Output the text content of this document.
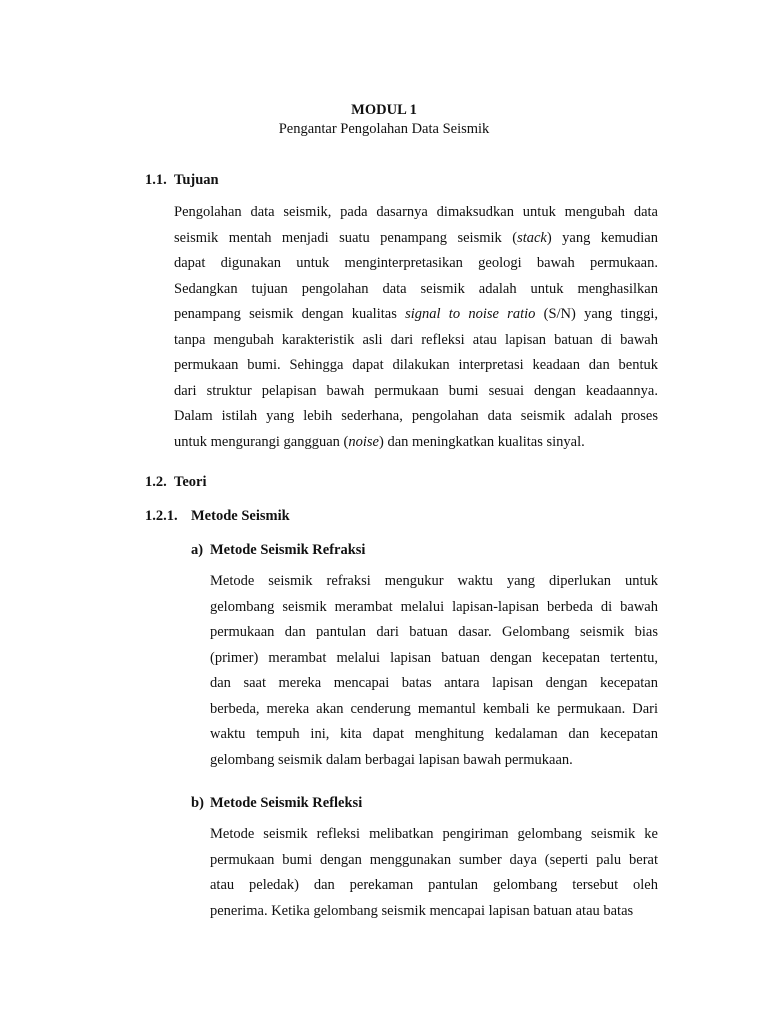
MODUL 1

Pengantar Pengolahan Data Seismik

1.1. Tujuan

Pengolahan data seismik, pada dasarnya dimaksudkan untuk mengubah data
seismik mentah menjadi suatu penampang seismik (stack) yang kemudian
dapat digunakan untuk menginterpretasikan geologi bawah permukaan.
Sedangkan tujuan pengolahan data seismik adalah untuk menghasilkan
penampang seismik dengan kualitas signal to noise ratio (S/N) yang tinggi,
tanpa mengubah karakteristik asli dari refleksi atau lapisan batuan di bawah
permukaan bumi. Sehingga dapat dilakukan interpretasi keadaan dan bentuk
dari struktur pelapisan bawah permukaan bumi sesuai dengan keadaannya.
Dalam istilah yang lebih sederhana, pengolahan data seismik adalah proses
untuk mengurangi gangguan (noise) dan meningkatkan kualitas sinyal.

1.2. Teori

1.2.1. Metode Seismik

a) Metode Seismik Refraksi

Metode seismik refraksi mengukur waktu yang diperlukan untuk
gelombang seismik merambat melalui lapisan-lapisan berbeda di bawah
permukaan dan pantulan dari batuan dasar. Gelombang seismik bias
(primer) merambat melalui lapisan batuan dengan kecepatan tertentu,
dan saat mereka mencapai batas antara lapisan dengan kecepatan
berbeda, mereka akan cenderung memantul kembali ke permukaan. Dari
waktu tempuh ini, kita dapat menghitung kedalaman dan kecepatan
gelombang seismik dalam berbagai lapisan bawah permukaan.

b) Metode Seismik Refleksi

Metode seismik refleksi melibatkan pengiriman gelombang seismik ke
permukaan bumi dengan menggunakan sumber daya (seperti palu berat
atau peledak) dan perekaman pantulan gelombang tersebut oleh
penerima. Ketika gelombang seismik mencapai lapisan batuan atau batas
